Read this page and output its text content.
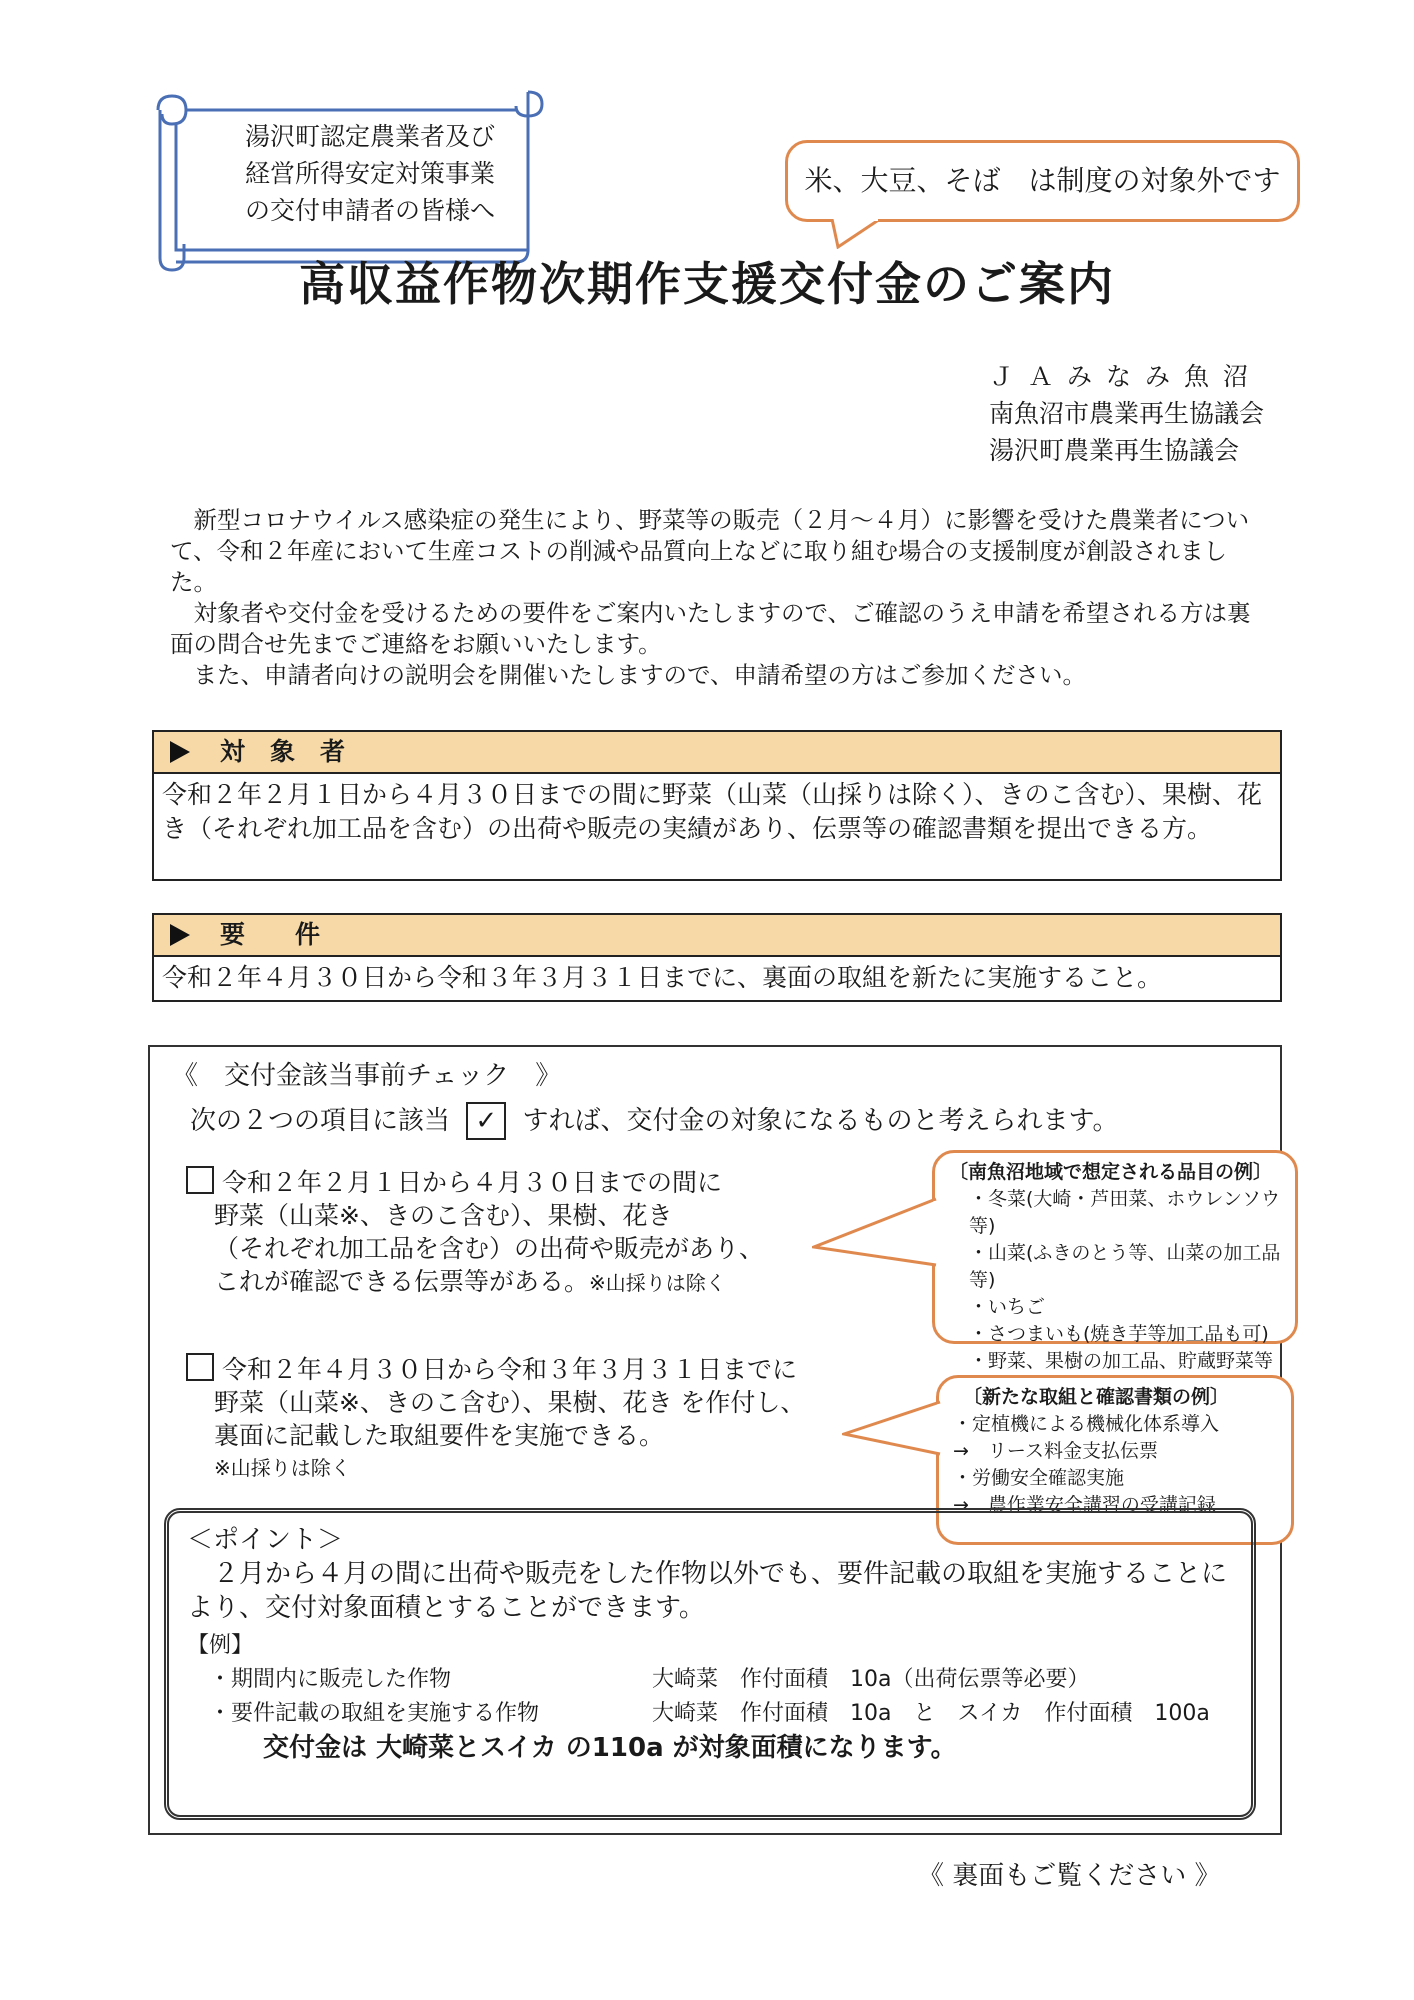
湯沢町認定農業者及び
経営所得安定対策事業
の交付申請者の皆様へ
米、大豆、そば　は制度の対象外です
高収益作物次期作支援交付金のご案内
ＪＡみなみ魚沼
南魚沼市農業再生協議会
湯沢町農業再生協議会

新型コロナウイルス感染症の発生により、野菜等の販売（２月～４月）に影響を受けた農業者について、令和２年産において生産コストの削減や品質向上などに取り組む場合の支援制度が創設されました。

対象者や交付金を受けるための要件をご案内いたしますので、ご確認のうえ申請を希望される方は裏面の問合せ先までご連絡をお願いいたします。

また、申請者向けの説明会を開催いたしますので、申請希望の方はご参加ください。

対　象　者
令和２年２月１日から４月３０日までの間に野菜（山菜（山採りは除く）、きのこ含む）、果樹、花き（それぞれ加工品を含む）の出荷や販売の実績があり、伝票等の確認書類を提出できる方。
要　　件
令和２年４月３０日から令和３年３月３１日までに、裏面の取組を新たに実施すること。
《　交付金該当事前チェック　》
次の２つの項目に該当 ✓ すれば、交付金の対象になるものと考えられます。
令和２年２月１日から４月３０日までの間に
野菜（山菜※、きのこ含む）、果樹、花き
（それぞれ加工品を含む）の出荷や販売があり、
これが確認できる伝票等がある。※山採りは除く
令和２年４月３０日から令和３年３月３１日までに
野菜（山菜※、きのこ含む）、果樹、花き を作付し、
裏面に記載した取組要件を実施できる。
※山採りは除く
〔南魚沼地域で想定される品目の例〕
・冬菜(大崎・芦田菜、ホウレンソウ等)
・山菜(ふきのとう等、山菜の加工品等)
・いちご
・さつまいも(焼き芋等加工品も可)
・野菜、果樹の加工品、貯蔵野菜等
〔新たな取組と確認書類の例〕
・定植機による機械化体系導入
→　リース料金支払伝票
・労働安全確認実施
→　農作業安全講習の受講記録
＜ポイント＞
２月から４月の間に出荷や販売をした作物以外でも、要件記載の取組を実施することにより、交付対象面積とすることができます。
【例】
・期間内に販売した作物	大崎菜　作付面積　10a（出荷伝票等必要）
・要件記載の取組を実施する作物	大崎菜　作付面積　10a　と　スイカ　作付面積　100a
交付金は 大崎菜とスイカ の110a が対象面積になります。
《 裏面もご覧ください 》
